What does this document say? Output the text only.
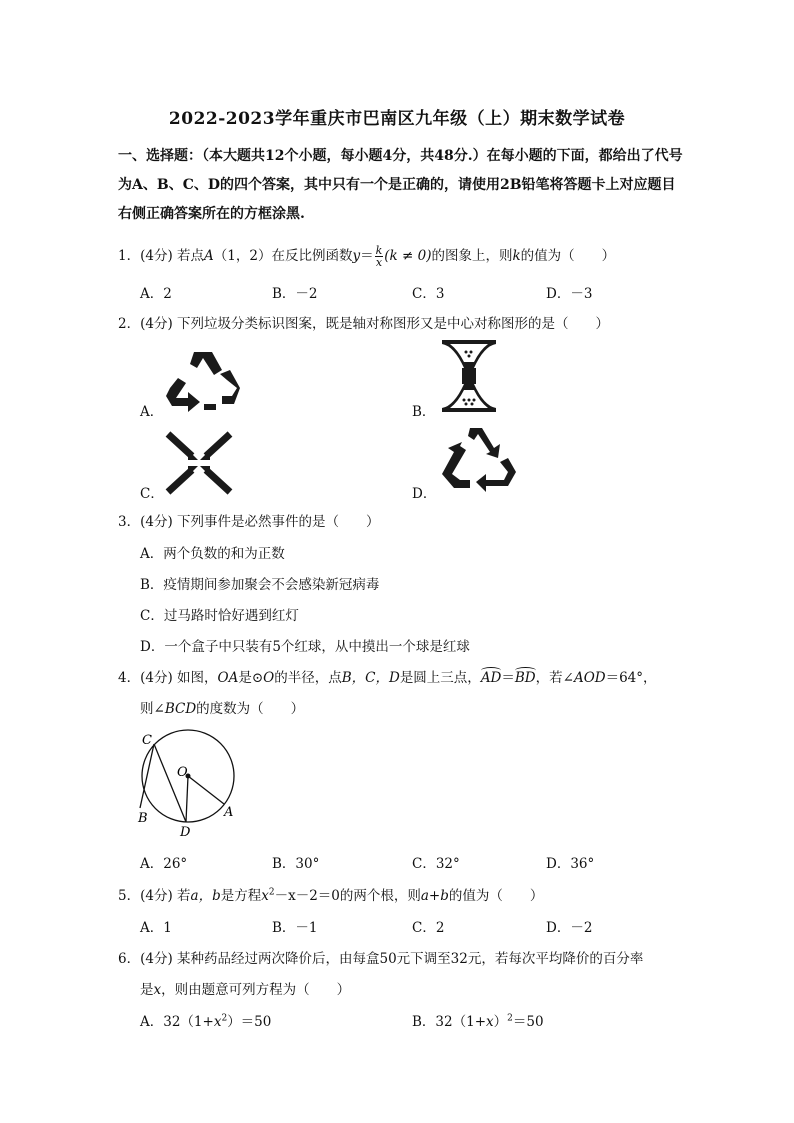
2022-2023学年重庆市巴南区九年级（上）期末数学试卷
一、选择题：（本大题共12个小题，每小题4分，共48分.）在每小题的下面，都给出了代号为A、B、C、D的四个答案，其中只有一个是正确的，请使用2B铅笔将答题卡上对应题目右侧正确答案所在的方框涂黑.
1．(4分) 若点A（1，2）在反比例函数$y= \frac{k}{x} (k \ne 0)$的图象上，则k的值为（　　）
A．2	B．－2	C．3	D．－3
2．(4分) 下列垃圾分类标识图案，既是轴对称图形又是中心对称图形的是（　　）
A．	B．
C．	D．
3．(4分) 下列事件是必然事件的是（　　）
A．两个负数的和为正数
B．疫情期间参加聚会不会感染新冠病毒
C．过马路时恰好遇到红灯
D．一个盒子中只装有5个红球，从中摸出一个球是红球
4．(4分) 如图，OA是⊙O的半径，点B，C，D是圆上三点，AD＝BD，若∠AOD＝64°，
则∠BCD的度数为（　　）
C
O
B
D
A
A．26°	B．30°	C．32°	D．36°
5．(4分) 若a，b是方程$x^2-x-2=0$的两个根，则a+b的值为（　　）
A．1	B．－1	C．2	D．－2
6．(4分) 某种药品经过两次降价后，由每盒50元下调至32元，若每次平均降价的百分率
是x，则由题意可列方程为（　　）
A．$32(1+x^2)=50$	B．$32(1+x)^2=50$
